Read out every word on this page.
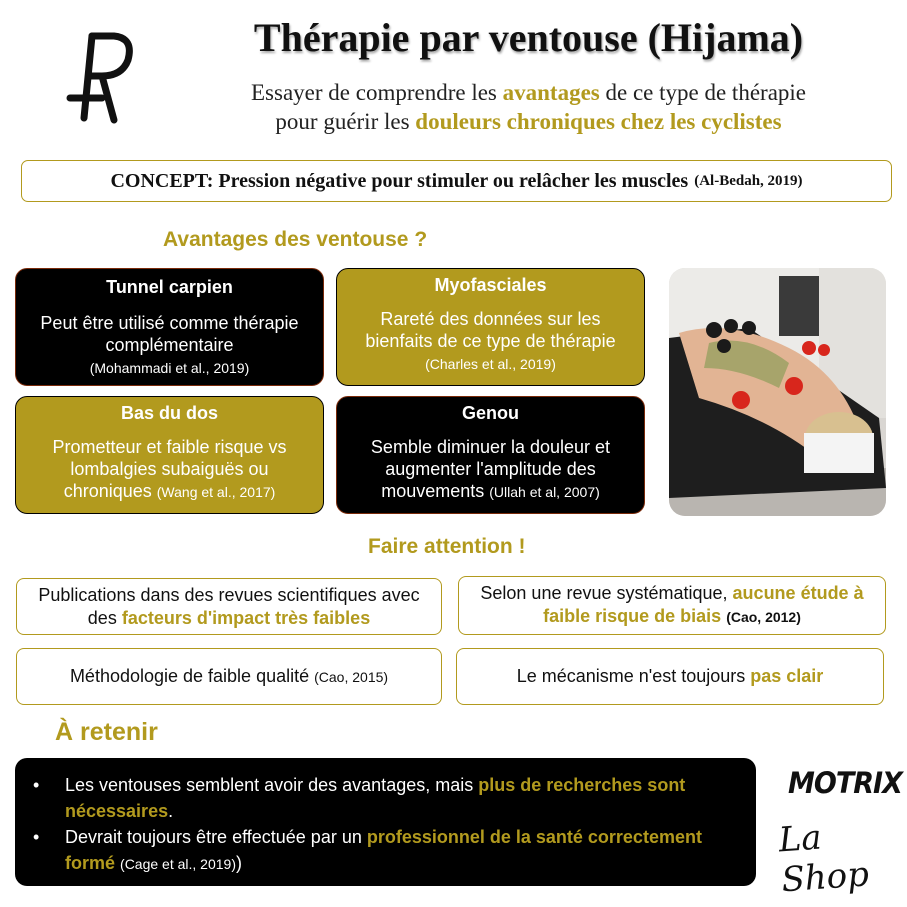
Thérapie par ventouse (Hijama)
Essayer de comprendre les avantages de ce type de thérapie
pour guérir les douleurs chroniques chez les cyclistes
CONCEPT: Pression négative pour stimuler ou relâcher les muscles (Al-Bedah, 2019)
Avantages des ventouse ?
Tunnel carpien

Peut être utilisé comme thérapie complémentaire
(Mohammadi et al., 2019)

Myofasciales

Rareté des données sur les bienfaits de ce type de thérapie (Charles et al., 2019)

Bas du dos

Prometteur et faible risque vs lombalgies subaiguës ou chroniques (Wang et al., 2017)

Genou

Semble diminuer la douleur et augmenter l'amplitude des mouvements (Ullah et al, 2007)

Faire attention !
Publications dans des revues scientifiques avec des facteurs d'impact très faibles
Selon une revue systématique, aucune étude à faible risque de biais (Cao, 2012)
Méthodologie de faible qualité (Cao, 2015)	Le mécanisme n'est toujours pas clair
À retenir
• Les ventouses semblent avoir des avantages, mais plus de recherches sont nécessaires.
• Devrait toujours être effectuée par un professionnel de la santé correctement formé (Cage et al., 2019))
MOTRIX
La Shop
